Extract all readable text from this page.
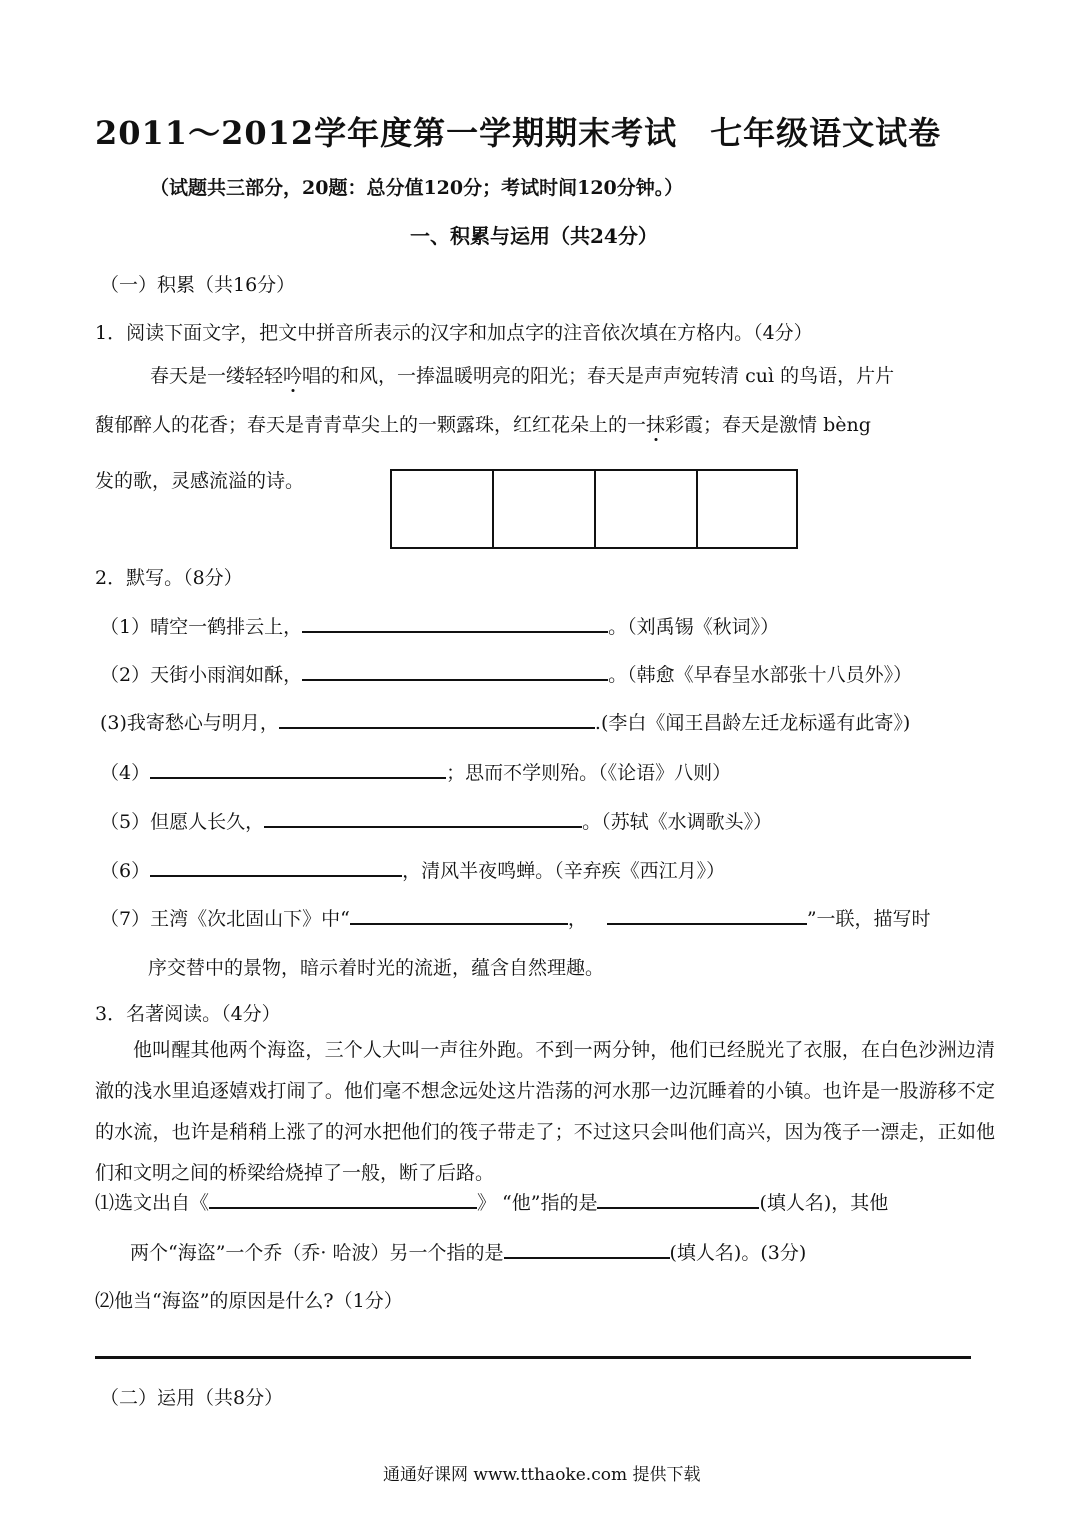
2011～2012学年度第一学期期末考试　七年级语文试卷
（试题共三部分，20题：总分值120分；考试时间120分钟。）
一、积累与运用（共24分）
（一）积累（共16分）
1．阅读下面文字，把文中拼音所表示的汉字和加点字的注音依次填在方格内。（4分）
春天是一缕轻轻吟唱的和风，一捧温暖明亮的阳光；春天是声声宛转清 cuì 的鸟语，片片
馥郁醉人的花香；春天是青青草尖上的一颗露珠，红红花朵上的一抹彩霞；春天是激情 bèng
发的歌，灵感流溢的诗。
2．默写。（8分）
（1）晴空一鹤排云上，	。（刘禹锡《秋词》）
（2）天街小雨润如酥，	。（韩愈《早春呈水部张十八员外》）
(3)我寄愁心与明月，	.(李白《闻王昌龄左迁龙标遥有此寄》)
（4）	；思而不学则殆。（《论语》八则）
（5）但愿人长久，	。（苏轼《水调歌头》）
（6）	，清风半夜鸣蝉。（辛弃疾《西江月》）
（7）王湾《次北固山下》中“	，	”一联，描写时
序交替中的景物，暗示着时光的流逝，蕴含自然理趣。
3．名著阅读。（4分）
他叫醒其他两个海盗，三个人大叫一声往外跑。不到一两分钟，他们已经脱光了衣服，在白色沙洲边清澈的浅水里追逐嬉戏打闹了。他们毫不想念远处这片浩荡的河水那一边沉睡着的小镇。也许是一股游移不定的水流，也许是稍稍上涨了的河水把他们的筏子带走了；不过这只会叫他们高兴，因为筏子一漂走，正如他们和文明之间的桥梁给烧掉了一般，断了后路。
⑴选文出自《	》 “他”指的是	(填人名)，其他
两个“海盗”一个乔（乔· 哈波）另一个指的是	(填人名)。(3分)
⑵他当“海盗”的原因是什么?（1分）
（二）运用（共8分）
通通好课网 www.tthaoke.com 提供下载
